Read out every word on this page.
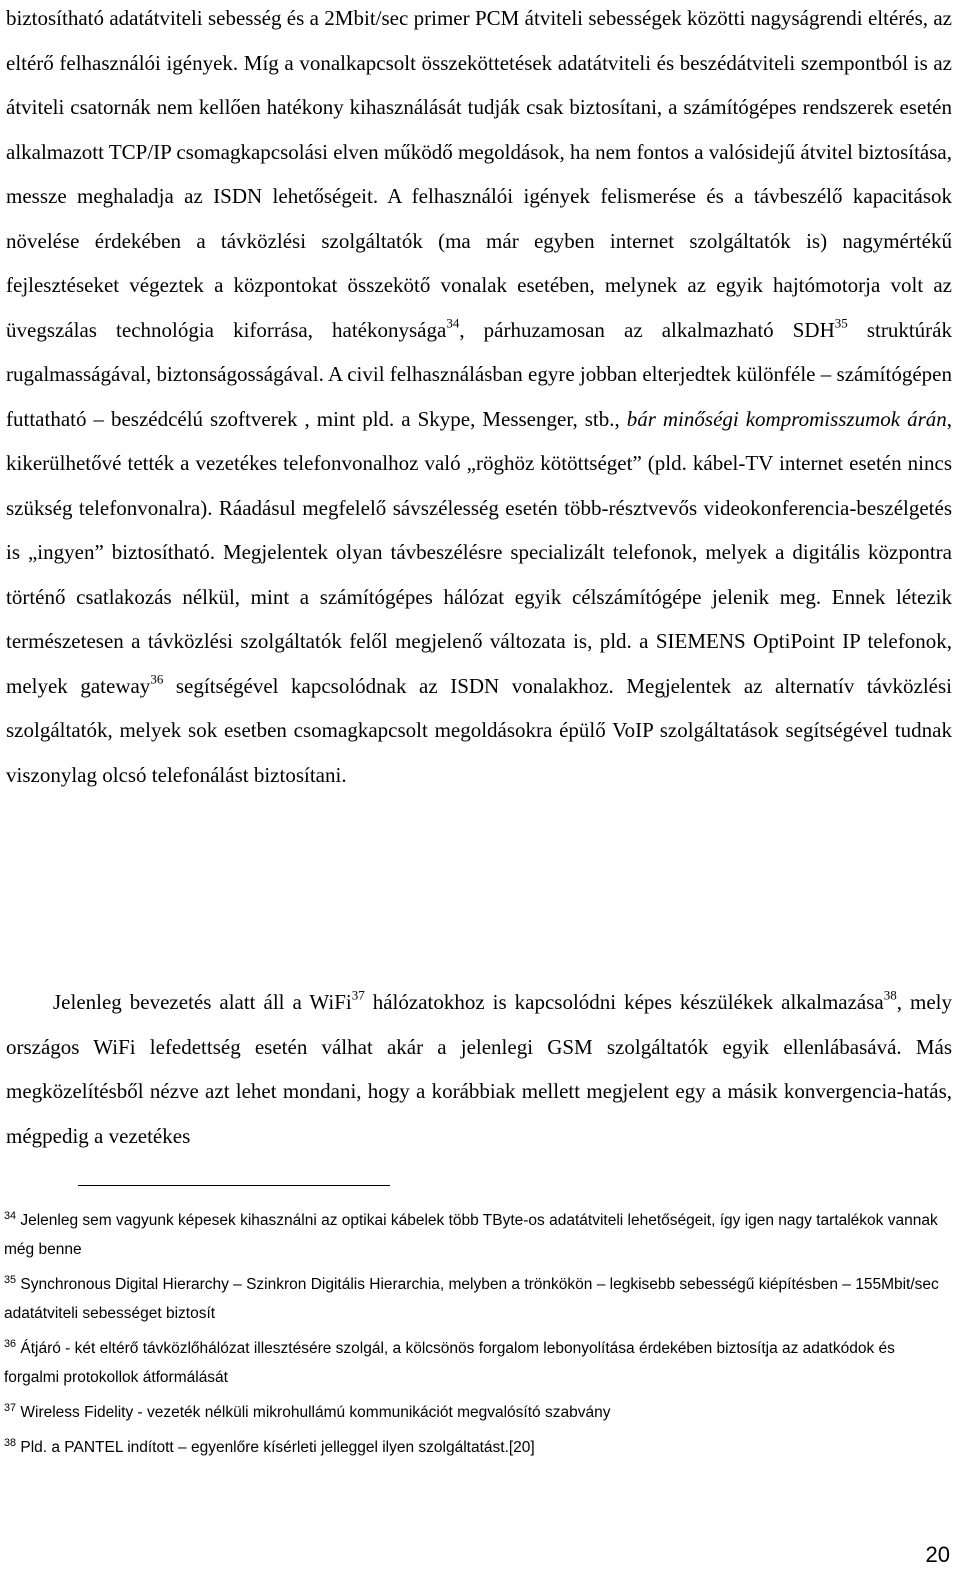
biztosítható adatátviteli sebesség és a 2Mbit/sec primer PCM átviteli sebességek közötti nagyságrendi eltérés, az eltérő felhasználói igények. Míg a vonalkapcsolt összeköttetések adatátviteli és beszédátviteli szempontból is az átviteli csatornák nem kellően hatékony kihasználását tudják csak biztosítani, a számítógépes rendszerek esetén alkalmazott TCP/IP csomagkapcsolási elven működő megoldások, ha nem fontos a valósidejű átvitel biztosítása, messze meghaladja az ISDN lehetőségeit. A felhasználói igények felismerése és a távbeszélő kapacitások növelése érdekében a távközlési szolgáltatók (ma már egyben internet szolgáltatók is) nagymértékű fejlesztéseket végeztek a központokat összekötő vonalak esetében, melynek az egyik hajtómotorja volt az üvegszálas technológia kiforrása, hatékonysága$^{34}$, párhuzamosan az alkalmazható SDH$^{35}$ struktúrák rugalmasságával, biztonságosságával. A civil felhasználásban egyre jobban elterjedtek különféle – számítógépen futtatható – beszédcélú szoftverek , mint pld. a Skype, Messenger, stb., bár minőségi kompromisszumok árán, kikerülhetővé tették a vezetékes telefonvonalhoz való „röghöz kötöttséget” (pld. kábel-TV internet esetén nincs szükség telefonvonalra). Ráadásul megfelelő sávszélesség esetén több-résztvevős videokonferencia-beszélgetés is „ingyen” biztosítható. Megjelentek olyan távbeszélésre specializált telefonok, melyek a digitális központra történő csatlakozás nélkül, mint a számítógépes hálózat egyik célszámítógépe jelenik meg. Ennek létezik természetesen a távközlési szolgáltatók felől megjelenő változata is, pld. a SIEMENS OptiPoint IP telefonok, melyek gateway$^{36}$ segítségével kapcsolódnak az ISDN vonalakhoz. Megjelentek az alternatív távközlési szolgáltatók, melyek sok esetben csomagkapcsolt megoldásokra épülő VoIP szolgáltatások segítségével tudnak viszonylag olcsó telefonálást biztosítani.

Jelenleg bevezetés alatt áll a WiFi$^{37}$ hálózatokhoz is kapcsolódni képes készülékek alkalmazása$^{38}$, mely országos WiFi lefedettség esetén válhat akár a jelenlegi GSM szolgáltatók egyik ellenlábasává. Más megközelítésből nézve azt lehet mondani, hogy a korábbiak mellett megjelent egy a másik konvergencia-hatás, mégpedig a vezetékes

$^{34}$ Jelenleg sem vagyunk képesek kihasználni az optikai kábelek több TByte-os adatátviteli lehetőségeit, így igen nagy tartalékok vannak még benne

$^{35}$ Synchronous Digital Hierarchy – Szinkron Digitális Hierarchia, melyben a trönkökön – legkisebb sebességű kiépítésben – 155Mbit/sec adatátviteli sebességet biztosít

$^{36}$ Átjáró - két eltérő távközlőhálózat illesztésére szolgál, a kölcsönös forgalom lebonyolítása érdekében biztosítja az adatkódok és forgalmi protokollok átformálását

$^{37}$ Wireless Fidelity - vezeték nélküli mikrohullámú kommunikációt megvalósító szabvány

$^{38}$ Pld. a PANTEL indított – egyenlőre kísérleti jelleggel ilyen szolgáltatást.[20]

20
